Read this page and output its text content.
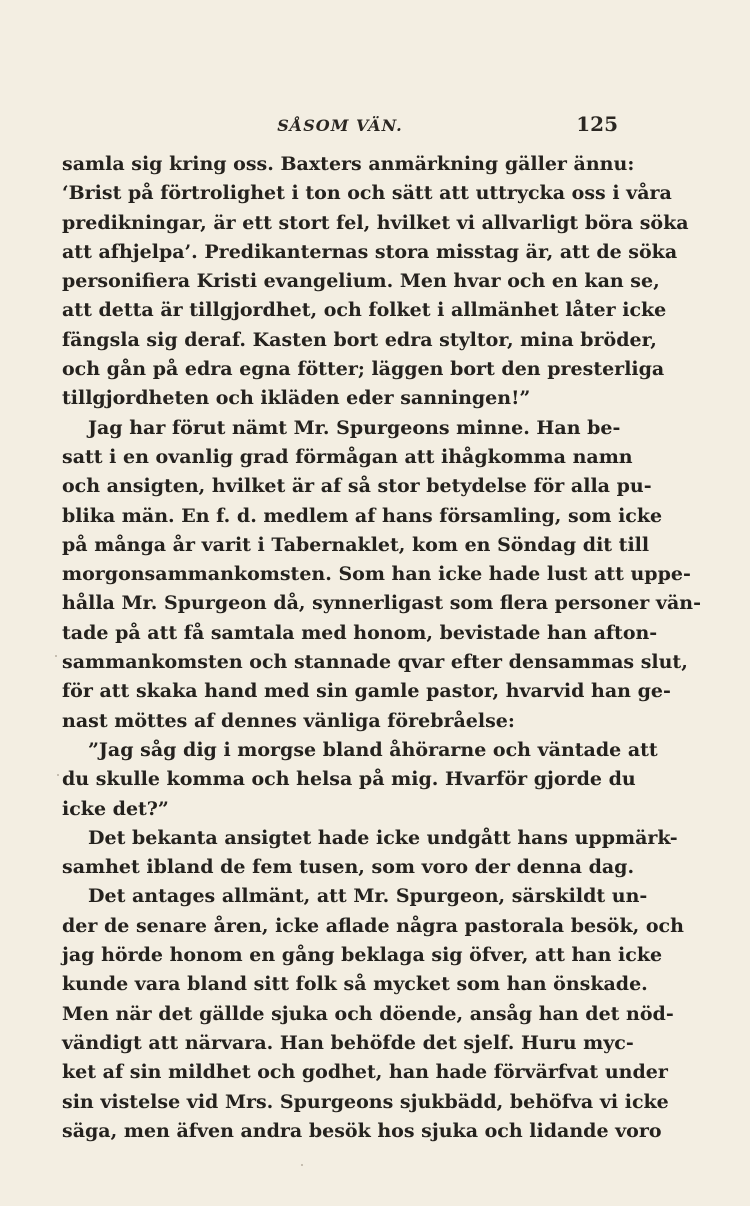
SÅSOM VÄN.	125
samla sig kring oss. Baxters anmärkning gäller ännu:
‘Brist på förtrolighet i ton och sätt att uttrycka oss i våra
predikningar, är ett stort fel, hvilket vi allvarligt böra söka
att afhjelpa’. Predikanternas stora misstag är, att de söka
personifiera Kristi evangelium. Men hvar och en kan se,
att detta är tillgjordhet, och folket i allmänhet låter icke
fängsla sig deraf. Kasten bort edra styltor, mina bröder,
och gån på edra egna fötter; läggen bort den presterliga
tillgjordheten och ikläden eder sanningen!”
Jag har förut nämt Mr. Spurgeons minne. Han be-
satt i en ovanlig grad förmågan att ihågkomma namn
och ansigten, hvilket är af så stor betydelse för alla pu-
blika män. En f. d. medlem af hans församling, som icke
på många år varit i Tabernaklet, kom en Söndag dit till
morgonsammankomsten. Som han icke hade lust att uppe-
hålla Mr. Spurgeon då, synnerligast som flera personer vän-
tade på att få samtala med honom, bevistade han afton-
sammankomsten och stannade qvar efter densammas slut,
för att skaka hand med sin gamle pastor, hvarvid han ge-
nast möttes af dennes vänliga förebråelse:
”Jag såg dig i morgse bland åhörarne och väntade att
du skulle komma och helsa på mig. Hvarför gjorde du
icke det?”
Det bekanta ansigtet hade icke undgått hans uppmärk-
samhet ibland de fem tusen, som voro der denna dag.
Det antages allmänt, att Mr. Spurgeon, särskildt un-
der de senare åren, icke aflade några pastorala besök, och
jag hörde honom en gång beklaga sig öfver, att han icke
kunde vara bland sitt folk så mycket som han önskade.
Men när det gällde sjuka och döende, ansåg han det nöd-
vändigt att närvara. Han behöfde det sjelf. Huru myc-
ket af sin mildhet och godhet, han hade förvärfvat under
sin vistelse vid Mrs. Spurgeons sjukbädd, behöfva vi icke
säga, men äfven andra besök hos sjuka och lidande voro
